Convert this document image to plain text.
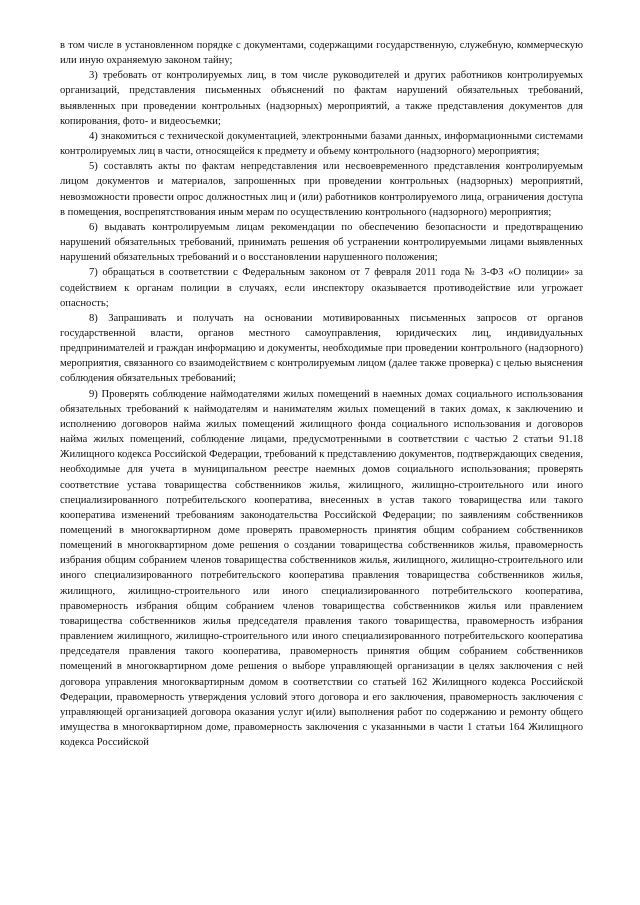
в том числе в установленном порядке с документами, содержащими государственную, служебную, коммерческую или иную охраняемую законом тайну;

3) требовать от контролируемых лиц, в том числе руководителей и других работников контролируемых организаций, представления письменных объяснений по фактам нарушений обязательных требований, выявленных при проведении контрольных (надзорных) мероприятий, а также представления документов для копирования, фото- и видеосъемки;

4) знакомиться с технической документацией, электронными базами данных, информационными системами контролируемых лиц в части, относящейся к предмету и объему контрольного (надзорного) мероприятия;

5) составлять акты по фактам непредставления или несвоевременного представления контролируемым лицом документов и материалов, запрошенных при проведении контрольных (надзорных) мероприятий, невозможности провести опрос должностных лиц и (или) работников контролируемого лица, ограничения доступа в помещения, воспрепятствования иным мерам по осуществлению контрольного (надзорного) мероприятия;

6) выдавать контролируемым лицам рекомендации по обеспечению безопасности и предотвращению нарушений обязательных требований, принимать решения об устранении контролируемыми лицами выявленных нарушений обязательных требований и о восстановлении нарушенного положения;

7) обращаться в соответствии с Федеральным законом от 7 февраля 2011 года № 3-ФЗ «О полиции» за содействием к органам полиции в случаях, если инспектору оказывается противодействие или угрожает опасность;

8) Запрашивать и получать на основании мотивированных письменных запросов от органов государственной власти, органов местного самоуправления, юридических лиц, индивидуальных предпринимателей и граждан информацию и документы, необходимые при проведении контрольного (надзорного) мероприятия, связанного со взаимодействием с контролируемым лицом (далее также проверка) с целью выяснения соблюдения обязательных требований;

9) Проверять соблюдение наймодателями жилых помещений в наемных домах социального использования обязательных требований к наймодателям и нанимателям жилых помещений в таких домах, к заключению и исполнению договоров найма жилых помещений жилищного фонда социального использования и договоров найма жилых помещений, соблюдение лицами, предусмотренными в соответствии с частью 2 статьи 91.18 Жилищного кодекса Российской Федерации, требований к представлению документов, подтверждающих сведения, необходимые для учета в муниципальном реестре наемных домов социального использования; проверять соответствие устава товарищества собственников жилья, жилищного, жилищно-строительного или иного специализированного потребительского кооператива, внесенных в устав такого товарищества или такого кооператива изменений требованиям законодательства Российской Федерации; по заявлениям собственников помещений в многоквартирном доме проверять правомерность принятия общим собранием собственников помещений в многоквартирном доме решения о создании товарищества собственников жилья, правомерность избрания общим собранием членов товарищества собственников жилья, жилищного, жилищно-строительного или иного специализированного потребительского кооператива правления товарищества собственников жилья, жилищного, жилищно-строительного или иного специализированного потребительского кооператива, правомерность избрания общим собранием членов товарищества собственников жилья или правлением товарищества собственников жилья председателя правления такого товарищества, правомерность избрания правлением жилищного, жилищно-строительного или иного специализированного потребительского кооператива председателя правления такого кооператива, правомерность принятия общим собранием собственников помещений в многоквартирном доме решения о выборе управляющей организации в целях заключения с ней договора управления многоквартирным домом в соответствии со статьей 162 Жилищного кодекса Российской Федерации, правомерность утверждения условий этого договора и его заключения, правомерность заключения с управляющей организацией договора оказания услуг и(или) выполнения работ по содержанию и ремонту общего имущества в многоквартирном доме, правомерность заключения с указанными в части 1 статьи 164 Жилищного кодекса Российской
